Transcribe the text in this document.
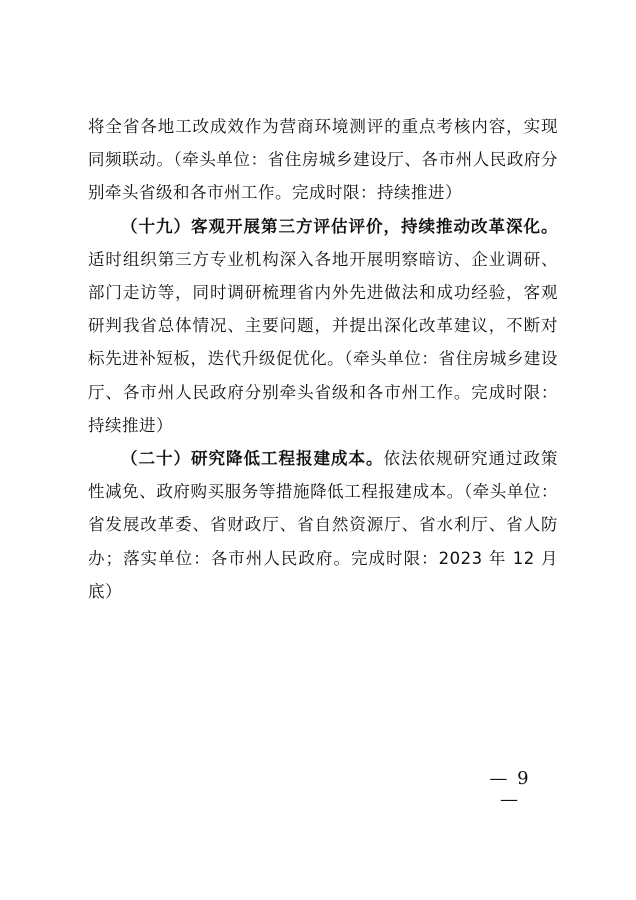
将全省各地工改成效作为营商环境测评的重点考核内容，实现同频联动。（牵头单位：省住房城乡建设厅、各市州人民政府分别牵头省级和各市州工作。完成时限：持续推进）

（十九）客观开展第三方评估评价，持续推动改革深化。适时组织第三方专业机构深入各地开展明察暗访、企业调研、部门走访等，同时调研梳理省内外先进做法和成功经验，客观研判我省总体情况、主要问题，并提出深化改革建议，不断对标先进补短板，迭代升级促优化。（牵头单位：省住房城乡建设厅、各市州人民政府分别牵头省级和各市州工作。完成时限：持续推进）

（二十）研究降低工程报建成本。依法依规研究通过政策性减免、政府购买服务等措施降低工程报建成本。（牵头单位：省发展改革委、省财政厅、省自然资源厅、省水利厅、省人防办；落实单位：各市州人民政府。完成时限：2023 年 12 月底）

— 9 —
